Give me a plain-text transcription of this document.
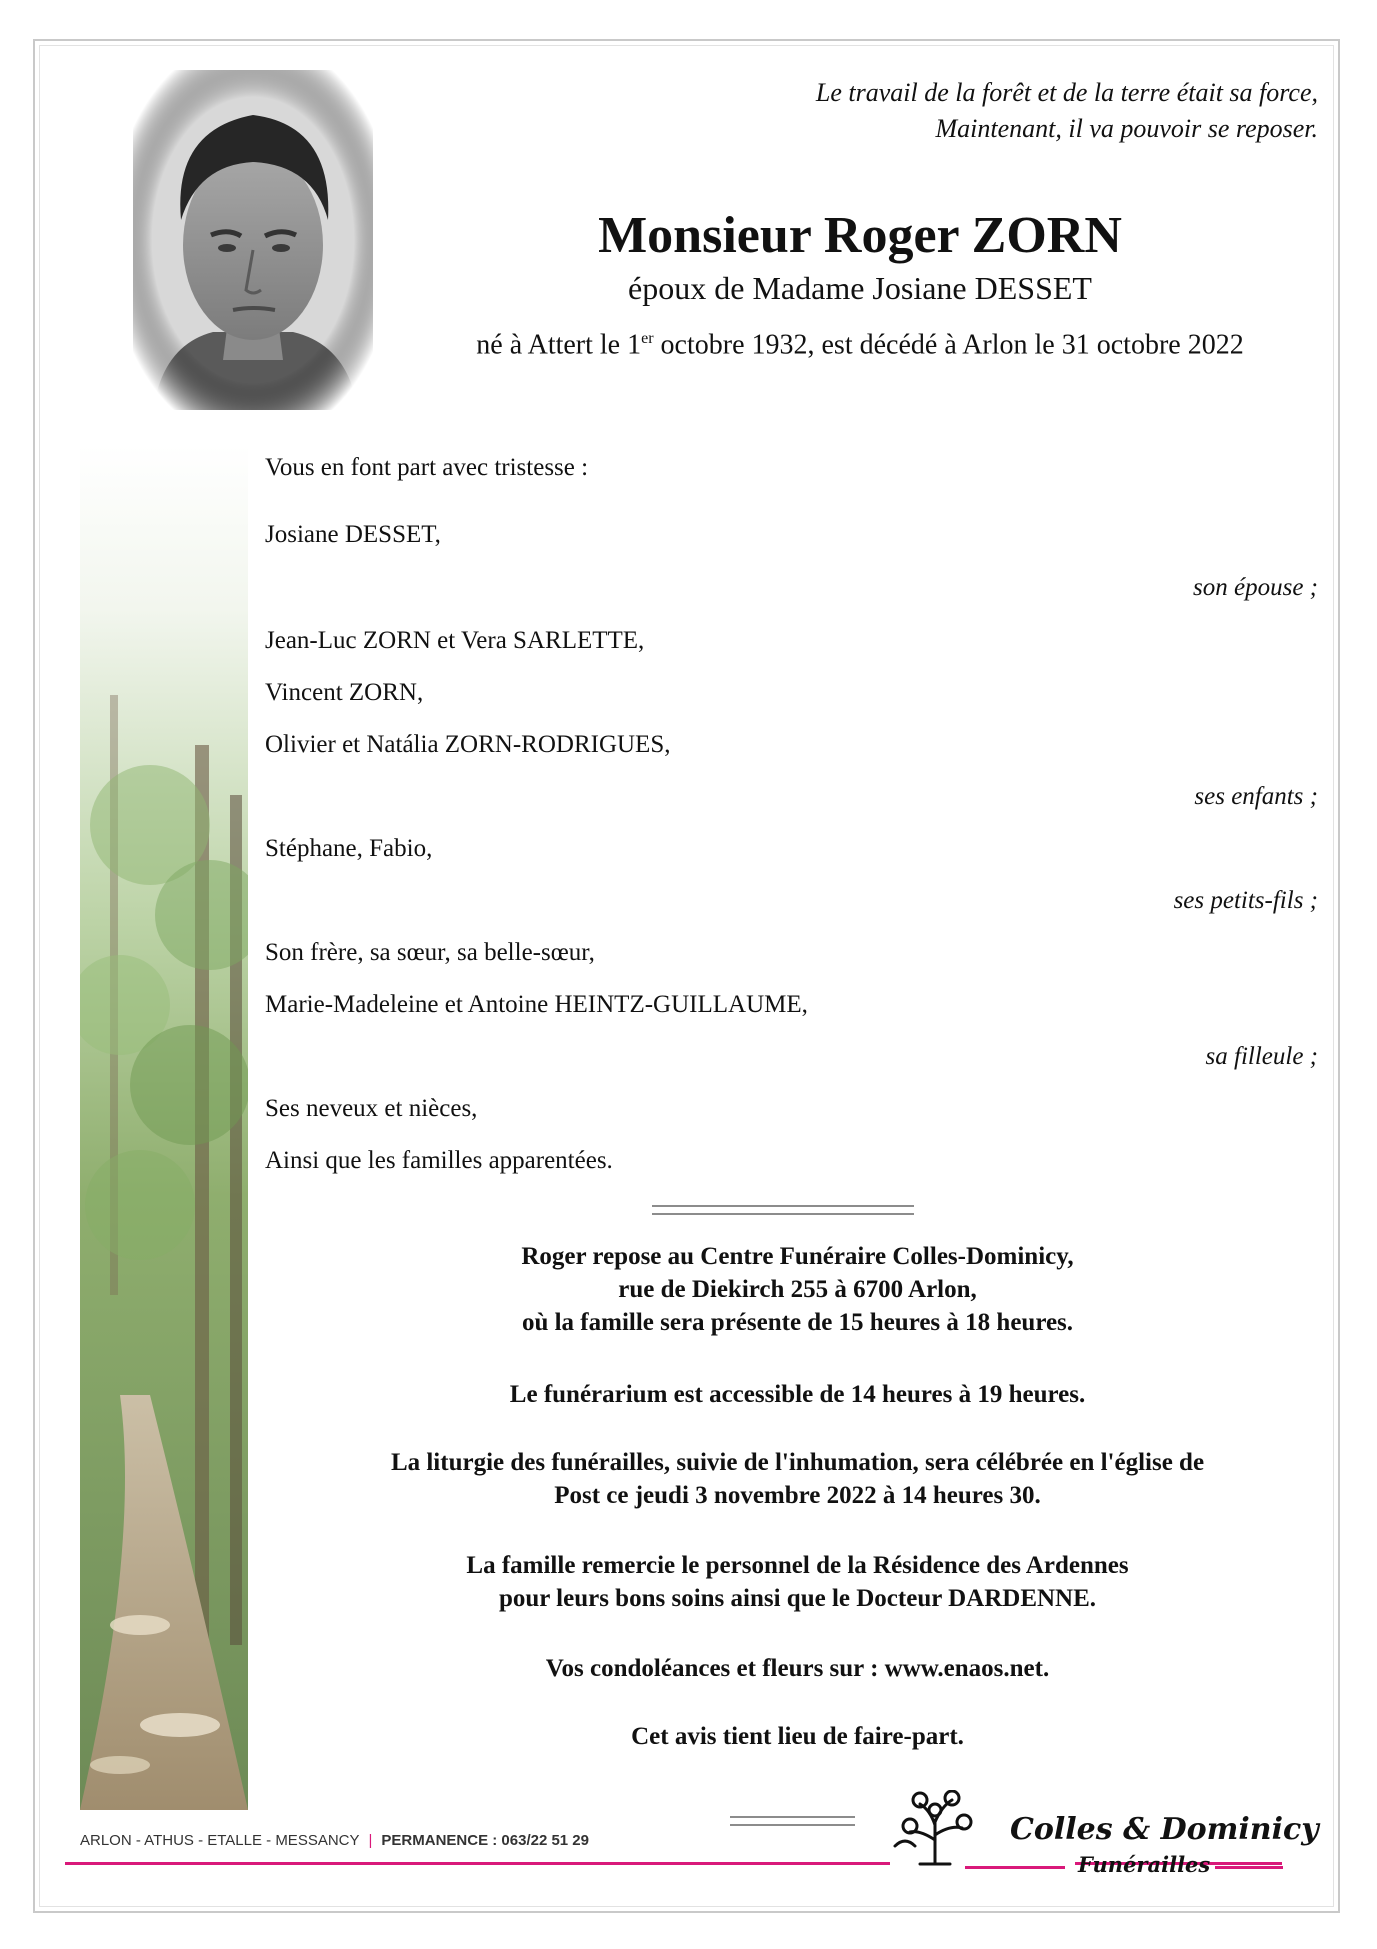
Le travail de la forêt et de la terre était sa force,
Maintenant, il va pouvoir se reposer.
Monsieur Roger ZORN
époux de Madame Josiane DESSET
né à Attert le 1er octobre 1932, est décédé à Arlon le 31 octobre 2022
Vous en font part avec tristesse :
Josiane DESSET,
son épouse ;
Jean-Luc ZORN et Vera SARLETTE,
Vincent ZORN,
Olivier et Natália ZORN-RODRIGUES,
ses enfants ;
Stéphane, Fabio,
ses petits-fils ;
Son frère, sa sœur, sa belle-sœur,
Marie-Madeleine et Antoine HEINTZ-GUILLAUME,
sa filleule ;
Ses neveux et nièces,
Ainsi que les familles apparentées.
Roger repose au Centre Funéraire Colles-Dominicy,
rue de Diekirch 255 à 6700 Arlon,
où la famille sera présente de 15 heures à 18 heures.
Le funérarium est accessible de 14 heures à 19 heures.
La liturgie des funérailles, suivie de l'inhumation, sera célébrée en l'église de
Post ce jeudi 3 novembre 2022 à 14 heures 30.
La famille remercie le personnel de la Résidence des Ardennes
pour leurs bons soins ainsi que le Docteur DARDENNE.
Vos condoléances et fleurs sur : www.enaos.net.
Cet avis tient lieu de faire-part.
ARLON - ATHUS - ETALLE - MESSANCY | PERMANENCE : 063/22 51 29	Colles & Dominicy
Funérailles
